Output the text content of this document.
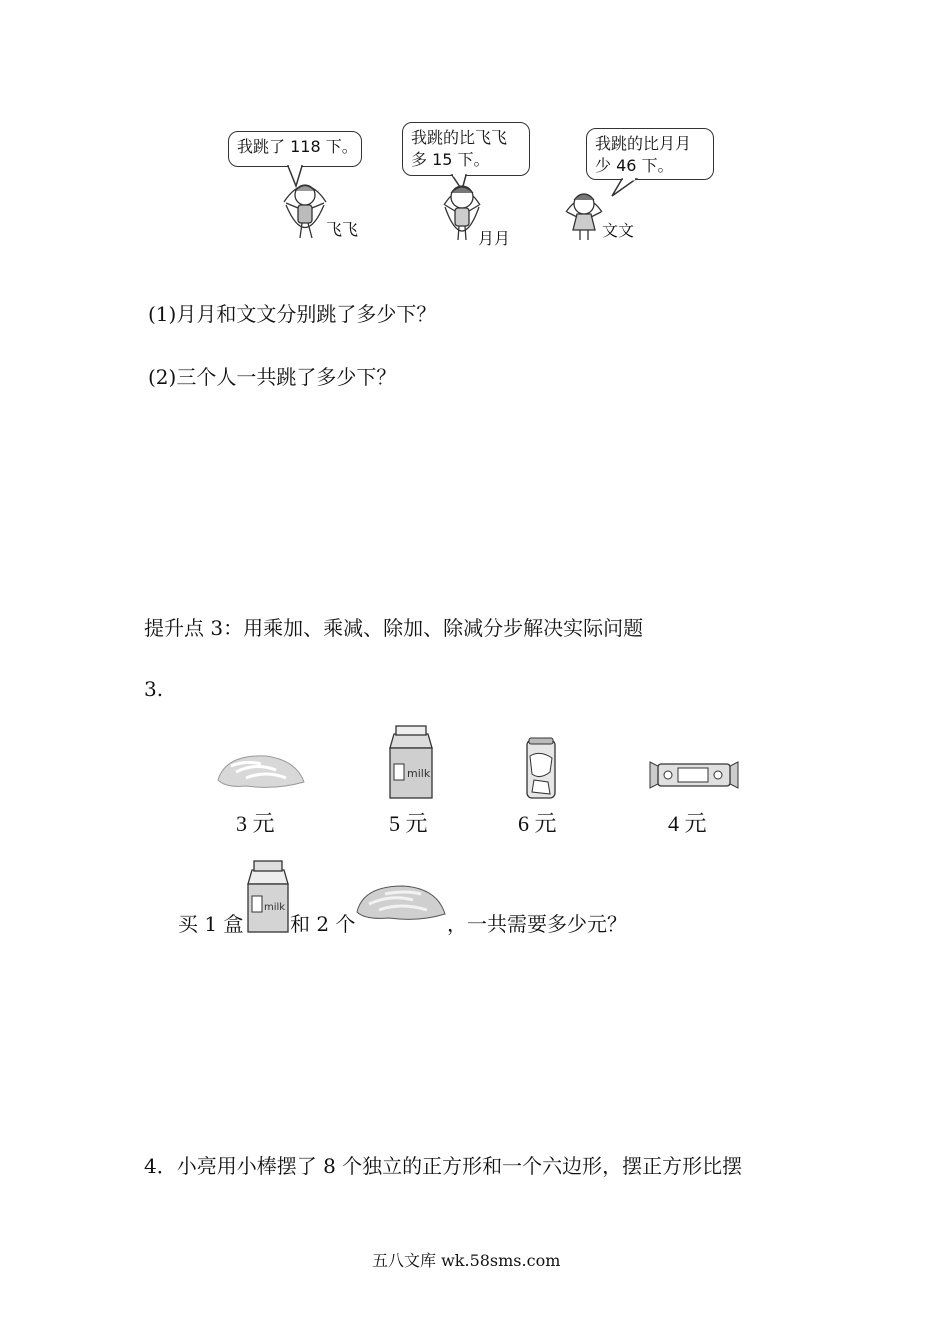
我跳了 118 下。	我跳的比飞飞
多 15 下。
我跳的比月月
少 46 下。
飞飞	月月	文文
(1)月月和文文分别跳了多少下？
(2)三个人一共跳了多少下？
提升点 3：用乘加、乘减、除加、除减分步解决实际问题
3.
milk
3 元	5 元	6 元	4 元
买 1 盒
milk
和 2 个	，一共需要多少元？
4．小亮用小棒摆了 8 个独立的正方形和一个六边形，摆正方形比摆
五八文库 wk.58sms.com
